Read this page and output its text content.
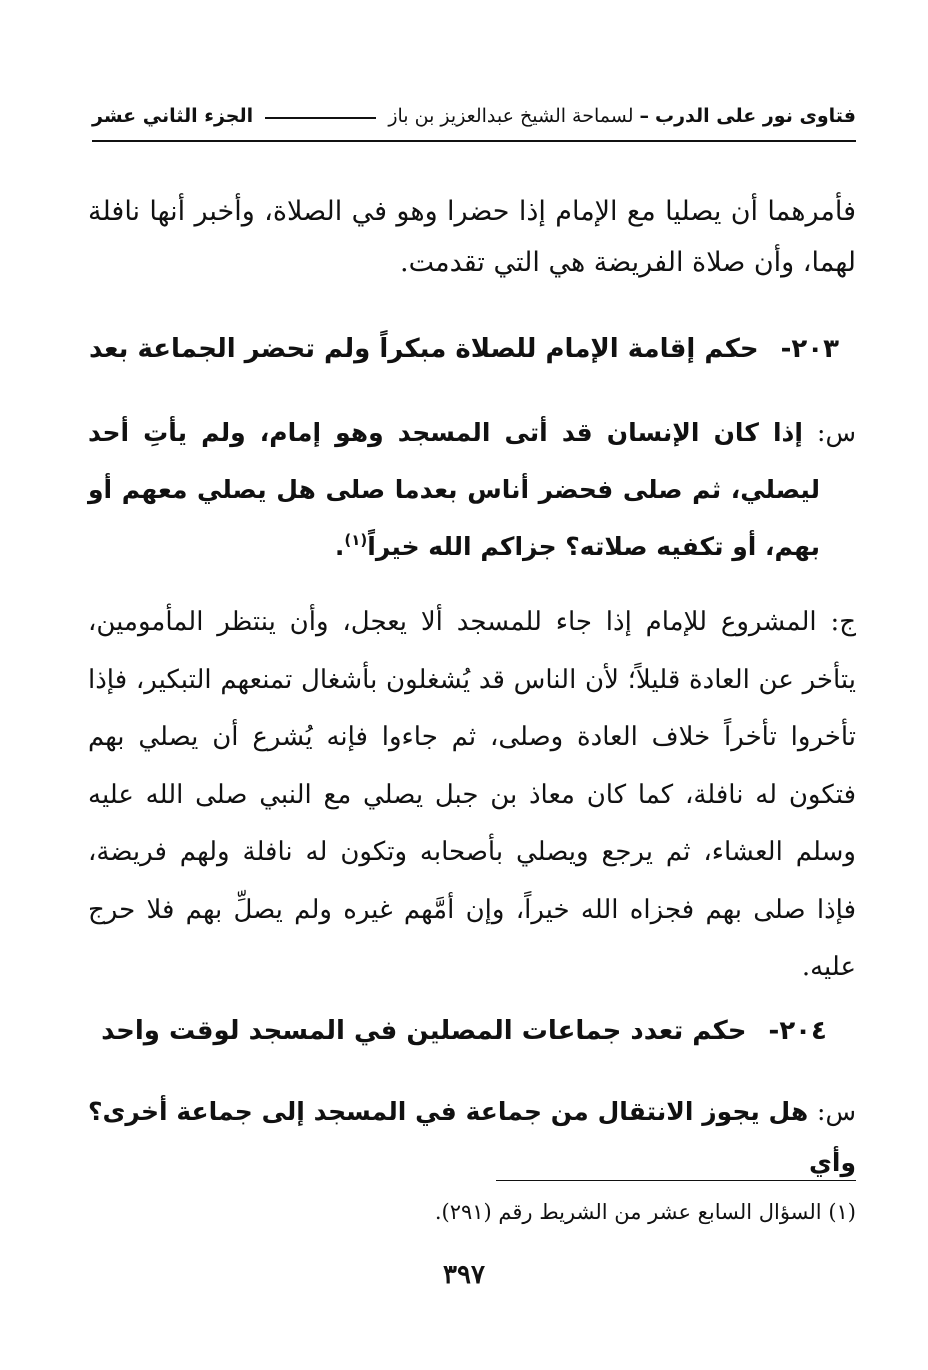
فتاوى نور على الدرب
–
لسماحة الشيخ عبدالعزيز بن باز
الجزء الثاني عشر
فأمرهما أن يصليا مع الإمام إذا حضرا وهو في الصلاة، وأخبر أنها نافلة لهما، وأن صلاة الفريضة هي التي تقدمت.
٢٠٣-حكم إقامة الإمام للصلاة مبكراً ولم تحضر الجماعة بعد
س: إذا كان الإنسان قد أتى المسجد وهو إمام، ولم يأتِ أحد ليصلي، ثم صلى فحضر أناس بعدما صلى هل يصلي معهم أو بهم، أو تكفيه صلاته؟ جزاكم الله خيراً$^{(١)}$.
ج: المشروع للإمام إذا جاء للمسجد ألا يعجل، وأن ينتظر المأمومين، يتأخر عن العادة قليلاً؛ لأن الناس قد يُشغلون بأشغال تمنعهم التبكير، فإذا تأخروا تأخراً خلاف العادة وصلى، ثم جاءوا فإنه يُشرع أن يصلي بهم فتكون له نافلة، كما كان معاذ بن جبل يصلي مع النبي صلى الله عليه وسلم العشاء، ثم يرجع ويصلي بأصحابه وتكون له نافلة ولهم فريضة، فإذا صلى بهم فجزاه الله خيراً، وإن أمَّهم غيره ولم يصلِّ بهم فلا حرج عليه.
٢٠٤-حكم تعدد جماعات المصلين في المسجد لوقت واحد
س: هل يجوز الانتقال من جماعة في المسجد إلى جماعة أخرى؟ وأي
(١) السؤال السابع عشر من الشريط رقم (٢٩١).
٣٩٧
